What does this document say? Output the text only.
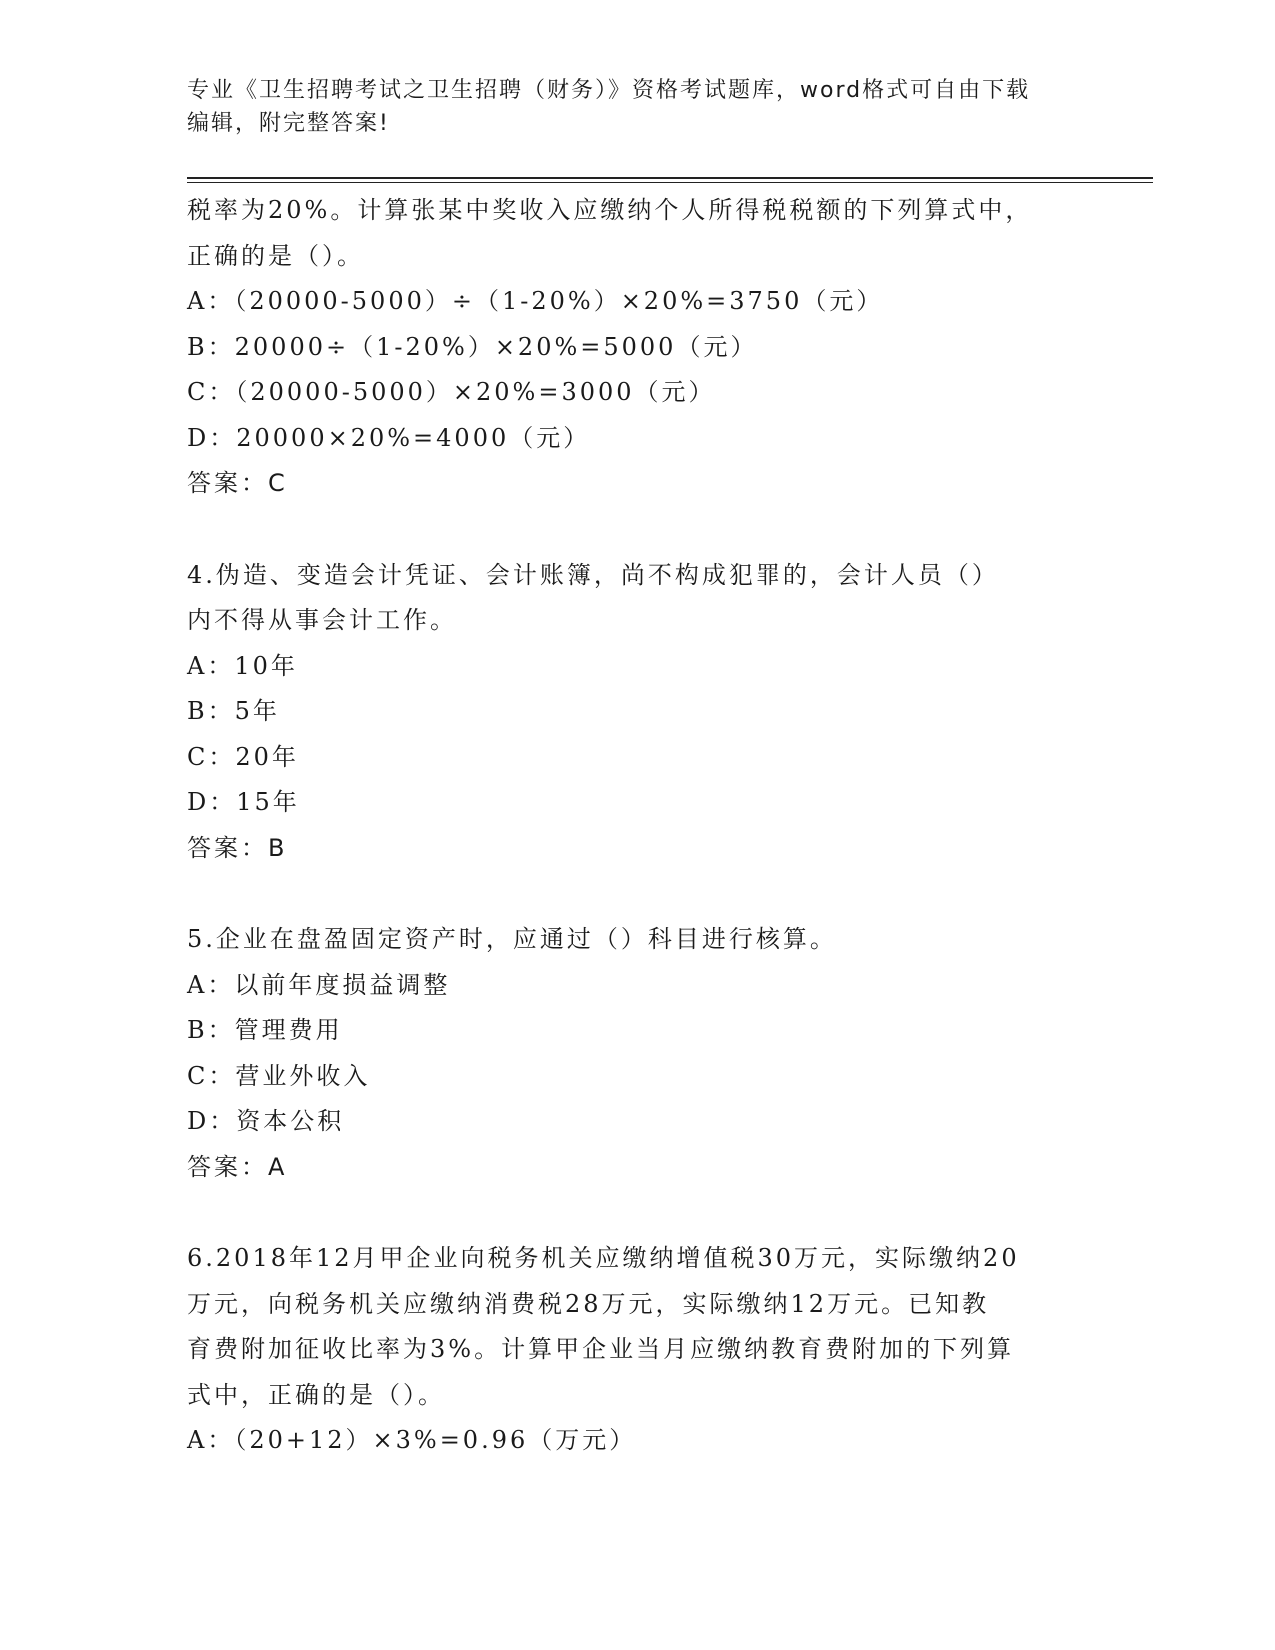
专业《卫生招聘考试之卫生招聘（财务）》资格考试题库，word格式可自由下载
编辑，附完整答案!
税率为20%。计算张某中奖收入应缴纳个人所得税税额的下列算式中，
正确的是（）。
A：（20000-5000）÷（1-20%）×20%=3750（元）
B：20000÷（1-20%）×20%=5000（元）
C：（20000-5000）×20%=3000（元）
D：20000×20%=4000（元）
答案：C
4.伪造、变造会计凭证、会计账簿，尚不构成犯罪的，会计人员（）
内不得从事会计工作。
A：10年
B：5年
C：20年
D：15年
答案：B
5.企业在盘盈固定资产时，应通过（）科目进行核算。
A：以前年度损益调整
B：管理费用
C：营业外收入
D：资本公积
答案：A
6.2018年12月甲企业向税务机关应缴纳增值税30万元，实际缴纳20
万元，向税务机关应缴纳消费税28万元，实际缴纳12万元。已知教
育费附加征收比率为3%。计算甲企业当月应缴纳教育费附加的下列算
式中，正确的是（）。
A：（20+12）×3%=0.96（万元）
